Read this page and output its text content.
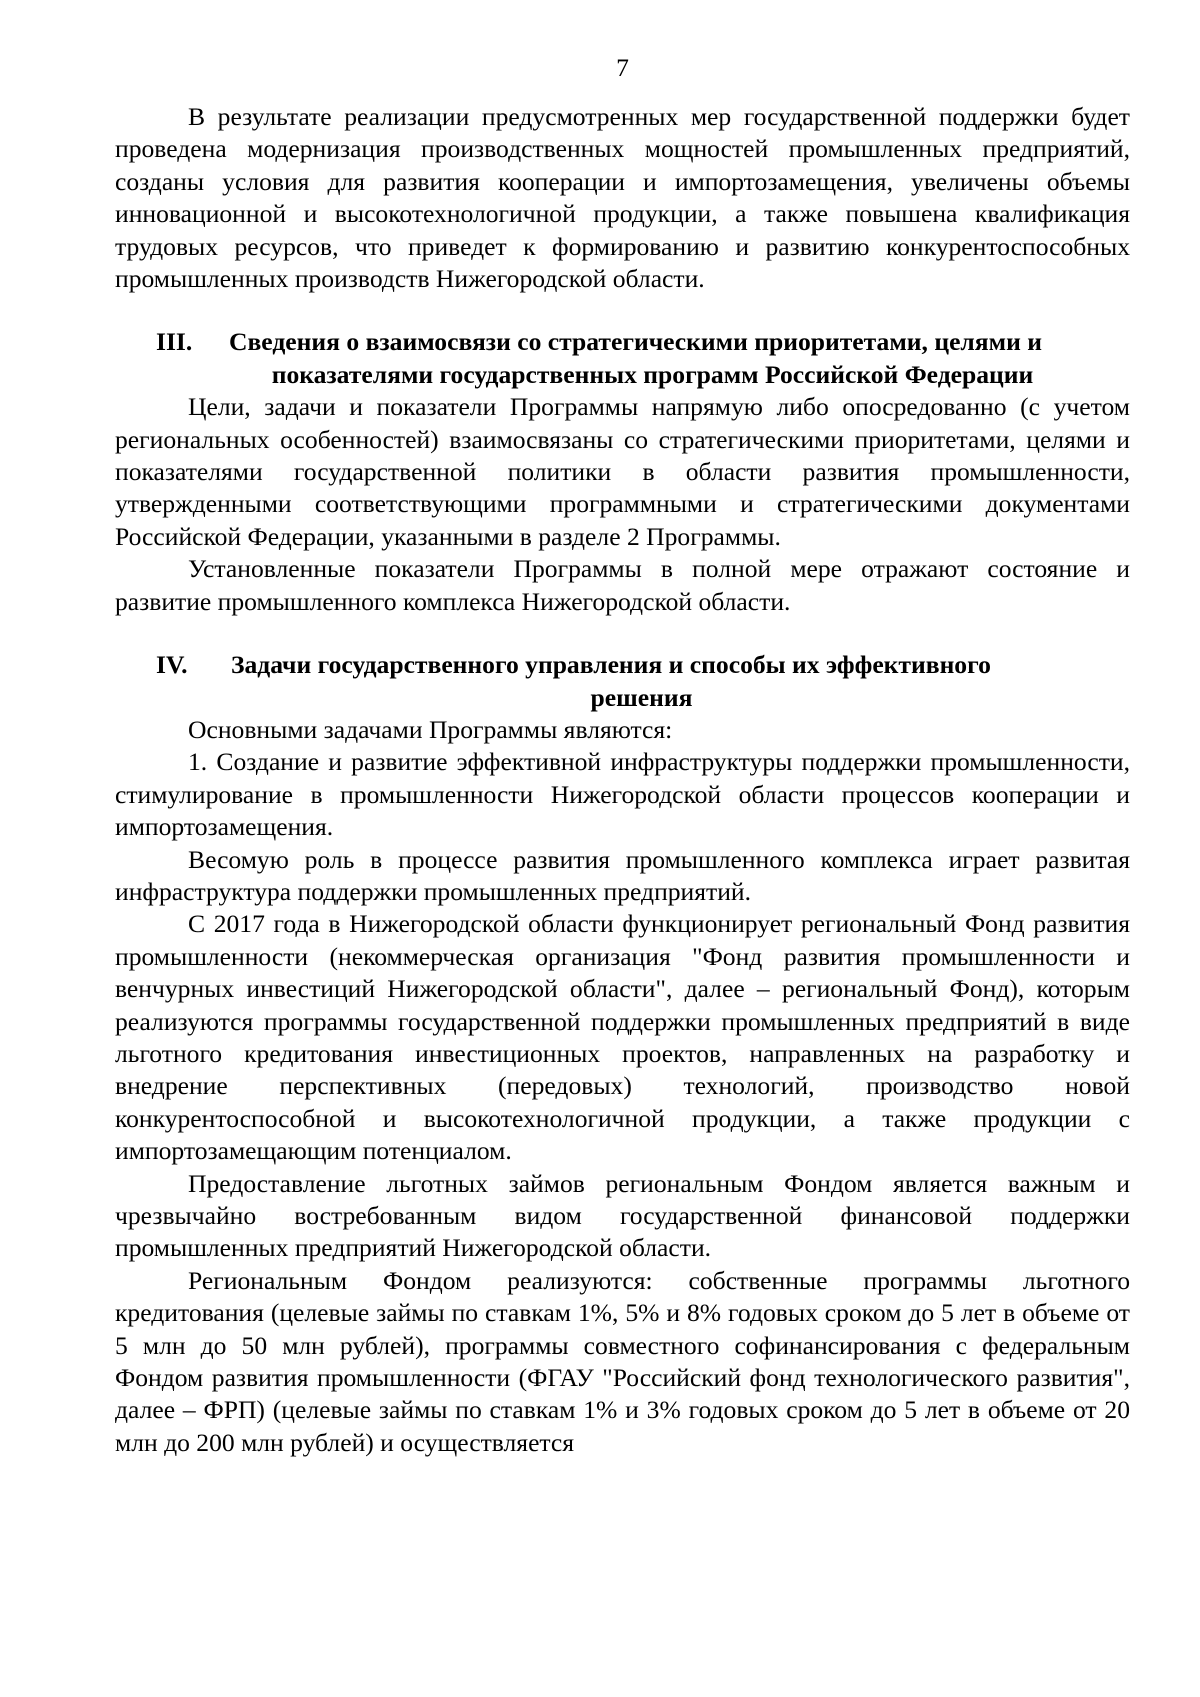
7

В результате реализации предусмотренных мер государственной поддержки будет проведена модернизация производственных мощностей промышленных предприятий, созданы условия для развития кооперации и импортозамещения, увеличены объемы инновационной и высокотехнологичной продукции, а также повышена квалификация трудовых ресурсов, что приведет к формированию и развитию конкурентоспособных промышленных производств Нижегородской области.

III. Сведения о взаимосвязи со стратегическими приоритетами, целями и
показателями государственных программ Российской Федерации

Цели, задачи и показатели Программы напрямую либо опосредованно (с учетом региональных особенностей) взаимосвязаны со стратегическими приоритетами, целями и показателями государственной политики в области развития промышленности, утвержденными соответствующими программными и стратегическими документами Российской Федерации, указанными в разделе 2 Программы.

Установленные показатели Программы в полной мере отражают состояние и развитие промышленного комплекса Нижегородской области.

IV. Задачи государственного управления и способы их эффективного
решения

Основными задачами Программы являются:

1. Создание и развитие эффективной инфраструктуры поддержки промышленности, стимулирование в промышленности Нижегородской области процессов кооперации и импортозамещения.

Весомую роль в процессе развития промышленного комплекса играет развитая инфраструктура поддержки промышленных предприятий.

С 2017 года в Нижегородской области функционирует региональный Фонд развития промышленности (некоммерческая организация "Фонд развития промышленности и венчурных инвестиций Нижегородской области", далее – региональный Фонд), которым реализуются программы государственной поддержки промышленных предприятий в виде льготного кредитования инвестиционных проектов, направленных на разработку и внедрение перспективных (передовых) технологий, производство новой конкурентоспособной и высокотехнологичной продукции, а также продукции с импортозамещающим потенциалом.

Предоставление льготных займов региональным Фондом является важным и чрезвычайно востребованным видом государственной финансовой поддержки промышленных предприятий Нижегородской области.

Региональным Фондом реализуются: собственные программы льготного кредитования (целевые займы по ставкам 1%, 5% и 8% годовых сроком до 5 лет в объеме от 5 млн до 50 млн рублей), программы совместного софинансирования с федеральным Фондом развития промышленности (ФГАУ "Российский фонд технологического развития", далее – ФРП) (целевые займы по ставкам 1% и 3% годовых сроком до 5 лет в объеме от 20 млн до 200 млн рублей) и осуществляется
